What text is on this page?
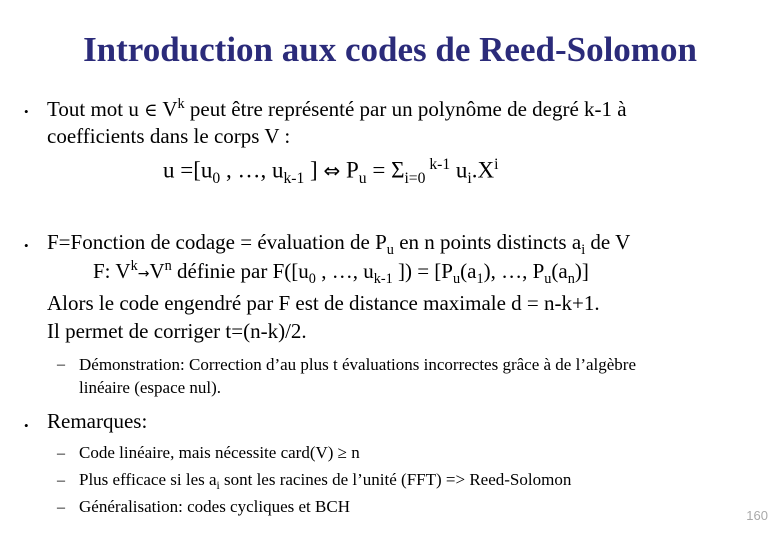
Introduction aux codes de Reed-Solomon
• Tout mot u ∈ $V^k$ peut être représenté par un polynôme de degré k-1 à
coefficients dans le corps V :
$u =[u_0$ , …, $u_{k-1}$ ] ⇔ $P_u = \Sigma_{i=0}$ $^{k-1}$ $u_i.X^i$
• F=Fonction de codage = évaluation de $P_u$ en n points distincts $a_i$ de V
F: $V^k\to V^n$ définie par $F([u_0$ , …, $u_{k-1}$ ]) = [$P_u(a_1)$, …, $P_u(a_n)$]
Alors le code engendré par F est de distance maximale d = n-k+1.
Il permet de corriger t=(n-k)/2.
– Démonstration: Correction d’au plus t évaluations incorrectes grâce à de l’algèbre
linéaire (espace nul).
• Remarques:
– Code linéaire, mais nécessite card(V) ≥ n
– Plus efficace si les $a_i$ sont les racines de l’unité (FFT) => Reed-Solomon
– Généralisation: codes cycliques et BCH	160
